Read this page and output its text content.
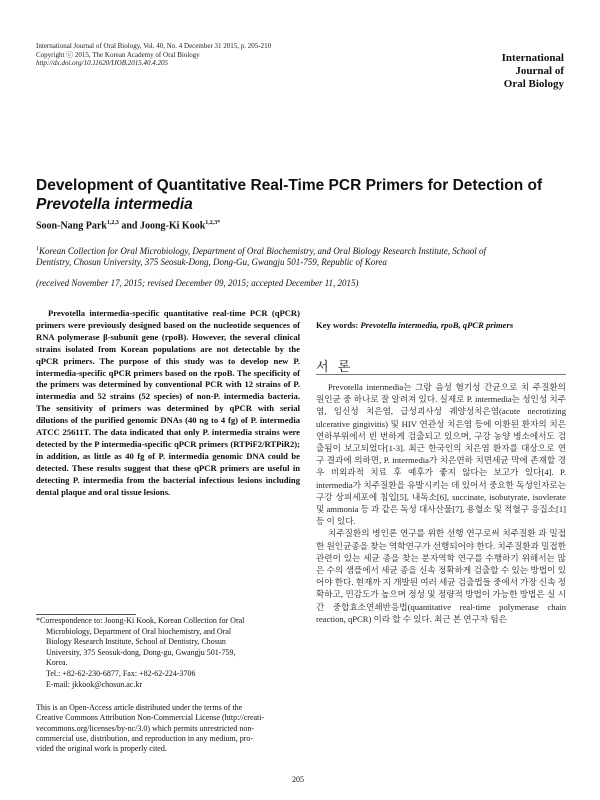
International Journal of Oral Biology, Vol. 40, No. 4 December 31 2015, p. 205-210
Copyright ⓒ 2015, The Korean Academy of Oral Biology
http://dx.doi.org/10.11620/IJOB.2015.40.4.205	International
Journal of
Oral Biology
Development of Quantitative Real-Time PCR Primers for Detection of
Prevotella intermedia
Soon-Nang Park$^{1,2,3}$ and Joong-Ki Kook$^{1,2,3*}$
$^1$Korean Collection for Oral Microbiology, Department of Oral Biochemistry, and Oral Biology Research Institute, School of
Dentistry, Chosun University, 375 Seosuk-Dong, Dong-Gu, Gwangju 501-759, Republic of Korea
(received November 17, 2015; revised December 09, 2015; accepted December 11, 2015)

Prevotella intermedia-specific quantitative real-time PCR (qPCR) primers were previously designed based on the nucleotide sequences of RNA polymerase β-subunit gene (rpoB). However, the several clinical strains isolated from Korean populations are not detectable by the qPCR primers. The purpose of this study was to develop new P. intermedia-specific qPCR primers based on the rpoB. The specificity of the primers was determined by conventional PCR with 12 strains of P. intermedia and 52 strains (52 species) of non-P. intermedia bacteria. The sensitivity of primers was determined by qPCR with serial dilutions of the purified genomic DNAs (40 ng to 4 fg) of P. intermedia ATCC 25611T. The data indicated that only P. intermedia strains were detected by the P intermedia-specific qPCR primers (RTPiF2/RTPiR2); in addition, as little as 40 fg of P. intermedia genomic DNA could be detected. These results suggest that these qPCR primers are useful in detecting P. intermedia from the bacterial infectious lesions including dental plaque and oral tissue lesions.

*Correspondence to: Joong-Ki Kook, Korean Collection for Oral
Microbiology, Department of Oral biochemistry, and Oral
Biology Research Institute, School of Dentistry, Chosun
University, 375 Seosuk-dong, Dong-gu, Gwangju 501-759,
Korea.
Tel.: +82-62-230-6877, Fax: +82-62-224-3706
E-mail: jkkook@chosun.ac.kr
This is an Open-Access article distributed under the terms of the
Creative Commons Attribution Non-Commercial License (http://creati-
vecommons.org/licenses/by-nc/3.0) which permits unrestricted non-
commercial use, distribution, and reproduction in any medium, pro-
vided the original work is properly cited.
Key words: Prevotella intermedia, rpoB, qPCR primers
서 론

Prevotella intermedia는 그람 음성 혐기성 간균으로 치 주질환의 원인균 중 하나로 잘 알려져 있다. 실제로 P. intermedia는 성인성 치주염, 임신성 치은염, 급성괴사성 궤양성치은염(acute necrotizing ulcerative gingivitis) 및 HIV 연관성 치은염 등에 이환된 환자의 치은연하부위에서 빈 번하게 검출되고 있으며, 구강 농양 병소에서도 검출됨이 보고되었다[1-3]. 최근 한국인의 치은염 환자를 대상으로 연구 결과에 의하면, P. intermedia가 치은연하 치면세균 막에 존재할 경우 비외과적 치료 후 예후가 좋지 않다는 보고가 있다[4]. P. intermedia가 치주질환을 유발시키는 데 있어서 중요한 독성인자로는 구강 상피세포에 침입[5], 내독소[6], succinate, isobutyrate, isovlerate 및 ammonia 등 과 같은 독성 대사산물[7], 용혈소 및 적혈구 응집소[1] 등 이 있다.

치주질환의 병인론 연구를 위한 선행 연구로써 치주질환 과 밀접한 원인균종을 찾는 역학연구가 선행되어야 한다. 치주질환과 밀접한 관련이 있는 세균 종을 찾는 분자역학 연구를 수행하기 위해서는 많은 수의 샘플에서 세균 종을 신속 정확하게 검출할 수 있는 방법이 있어야 한다. 현재까 지 개발된 여러 세균 검출법들 중에서 가장 신속 정확하고, 민감도가 높으며 정성 및 정량적 방법이 가능한 방법은 실 시간 중합효소연쇄반응법(quantitative real-time polymerase chain reaction, qPCR) 이라 할 수 있다. 최근 본 연구자 팀은

205
